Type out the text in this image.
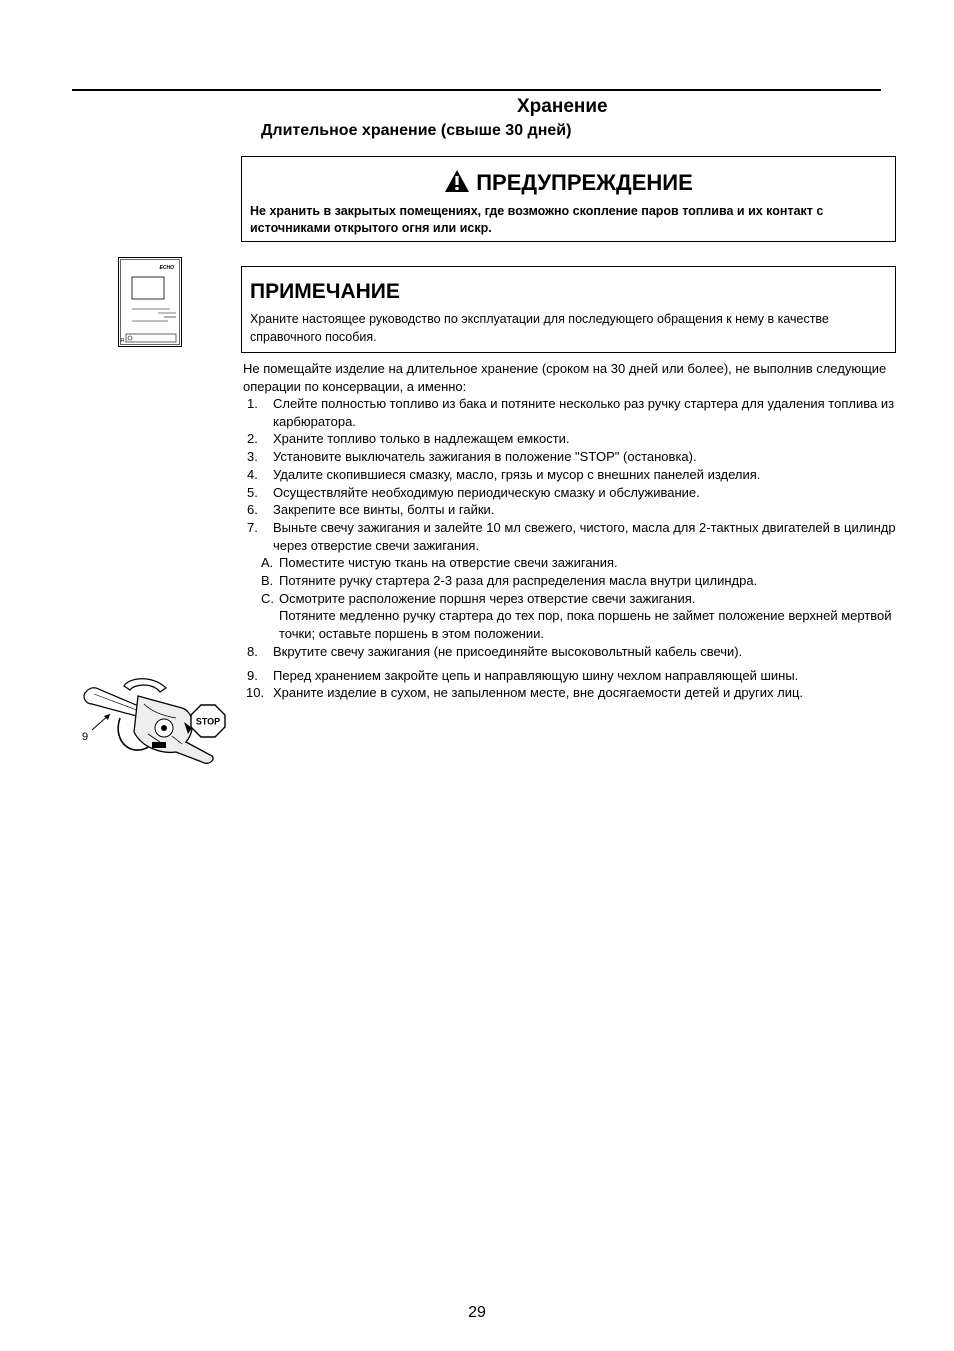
Хранение
Длительное хранение (свыше 30 дней)
ПРЕДУПРЕЖДЕНИЕ

Не хранить в закрытых помещениях, где возможно скопление паров топлива и их контакт с источниками открытого огня или искр.

ECHO
R
ПРИМЕЧАНИЕ

Храните настоящее руководство по эксплуатации для последующего обращения к нему в качестве справочного пособия.

Не помещайте изделие на длительное хранение (сроком на 30 дней или более), не выполнив следующие операции по консервации, а именно:

1. Слейте полностью топливо из бака и потяните несколько раз ручку стартера для удаления топлива из карбюратора.
2. Храните топливо только в надлежащем емкости.
3. Установите выключатель зажигания в положение "STOP" (остановка).
4. Удалите скопившиеся смазку, масло, грязь и мусор с внешних панелей изделия.
5. Осуществляйте необходимую периодическую смазку и обслуживание.
6. Закрепите все винты, болты и гайки.
7. Выньте свечу зажигания и залейте 10 мл свежего, чистого, масла для 2-тактных двигателей в цилиндр через отверстие свечи зажигания.
A. Поместите чистую ткань на отверстие свечи зажигания.
B. Потяните ручку стартера 2-3 раза для распределения масла внутри цилиндра.
C. Осмотрите расположение поршня через отверстие свечи зажигания.
Потяните медленно ручку стартера до тех пор, пока поршень не займет положение верхней мертвой точки; оставьте поршень в этом положении.
8. Вкрутите свечу зажигания (не присоединяйте высоковольтный кабель свечи).
9. Перед хранением закройте цепь и направляющую шину чехлом направляющей шины.
10. Храните изделие в сухом, не запыленном месте, вне досягаемости детей и других лиц.
9
STOP

29
